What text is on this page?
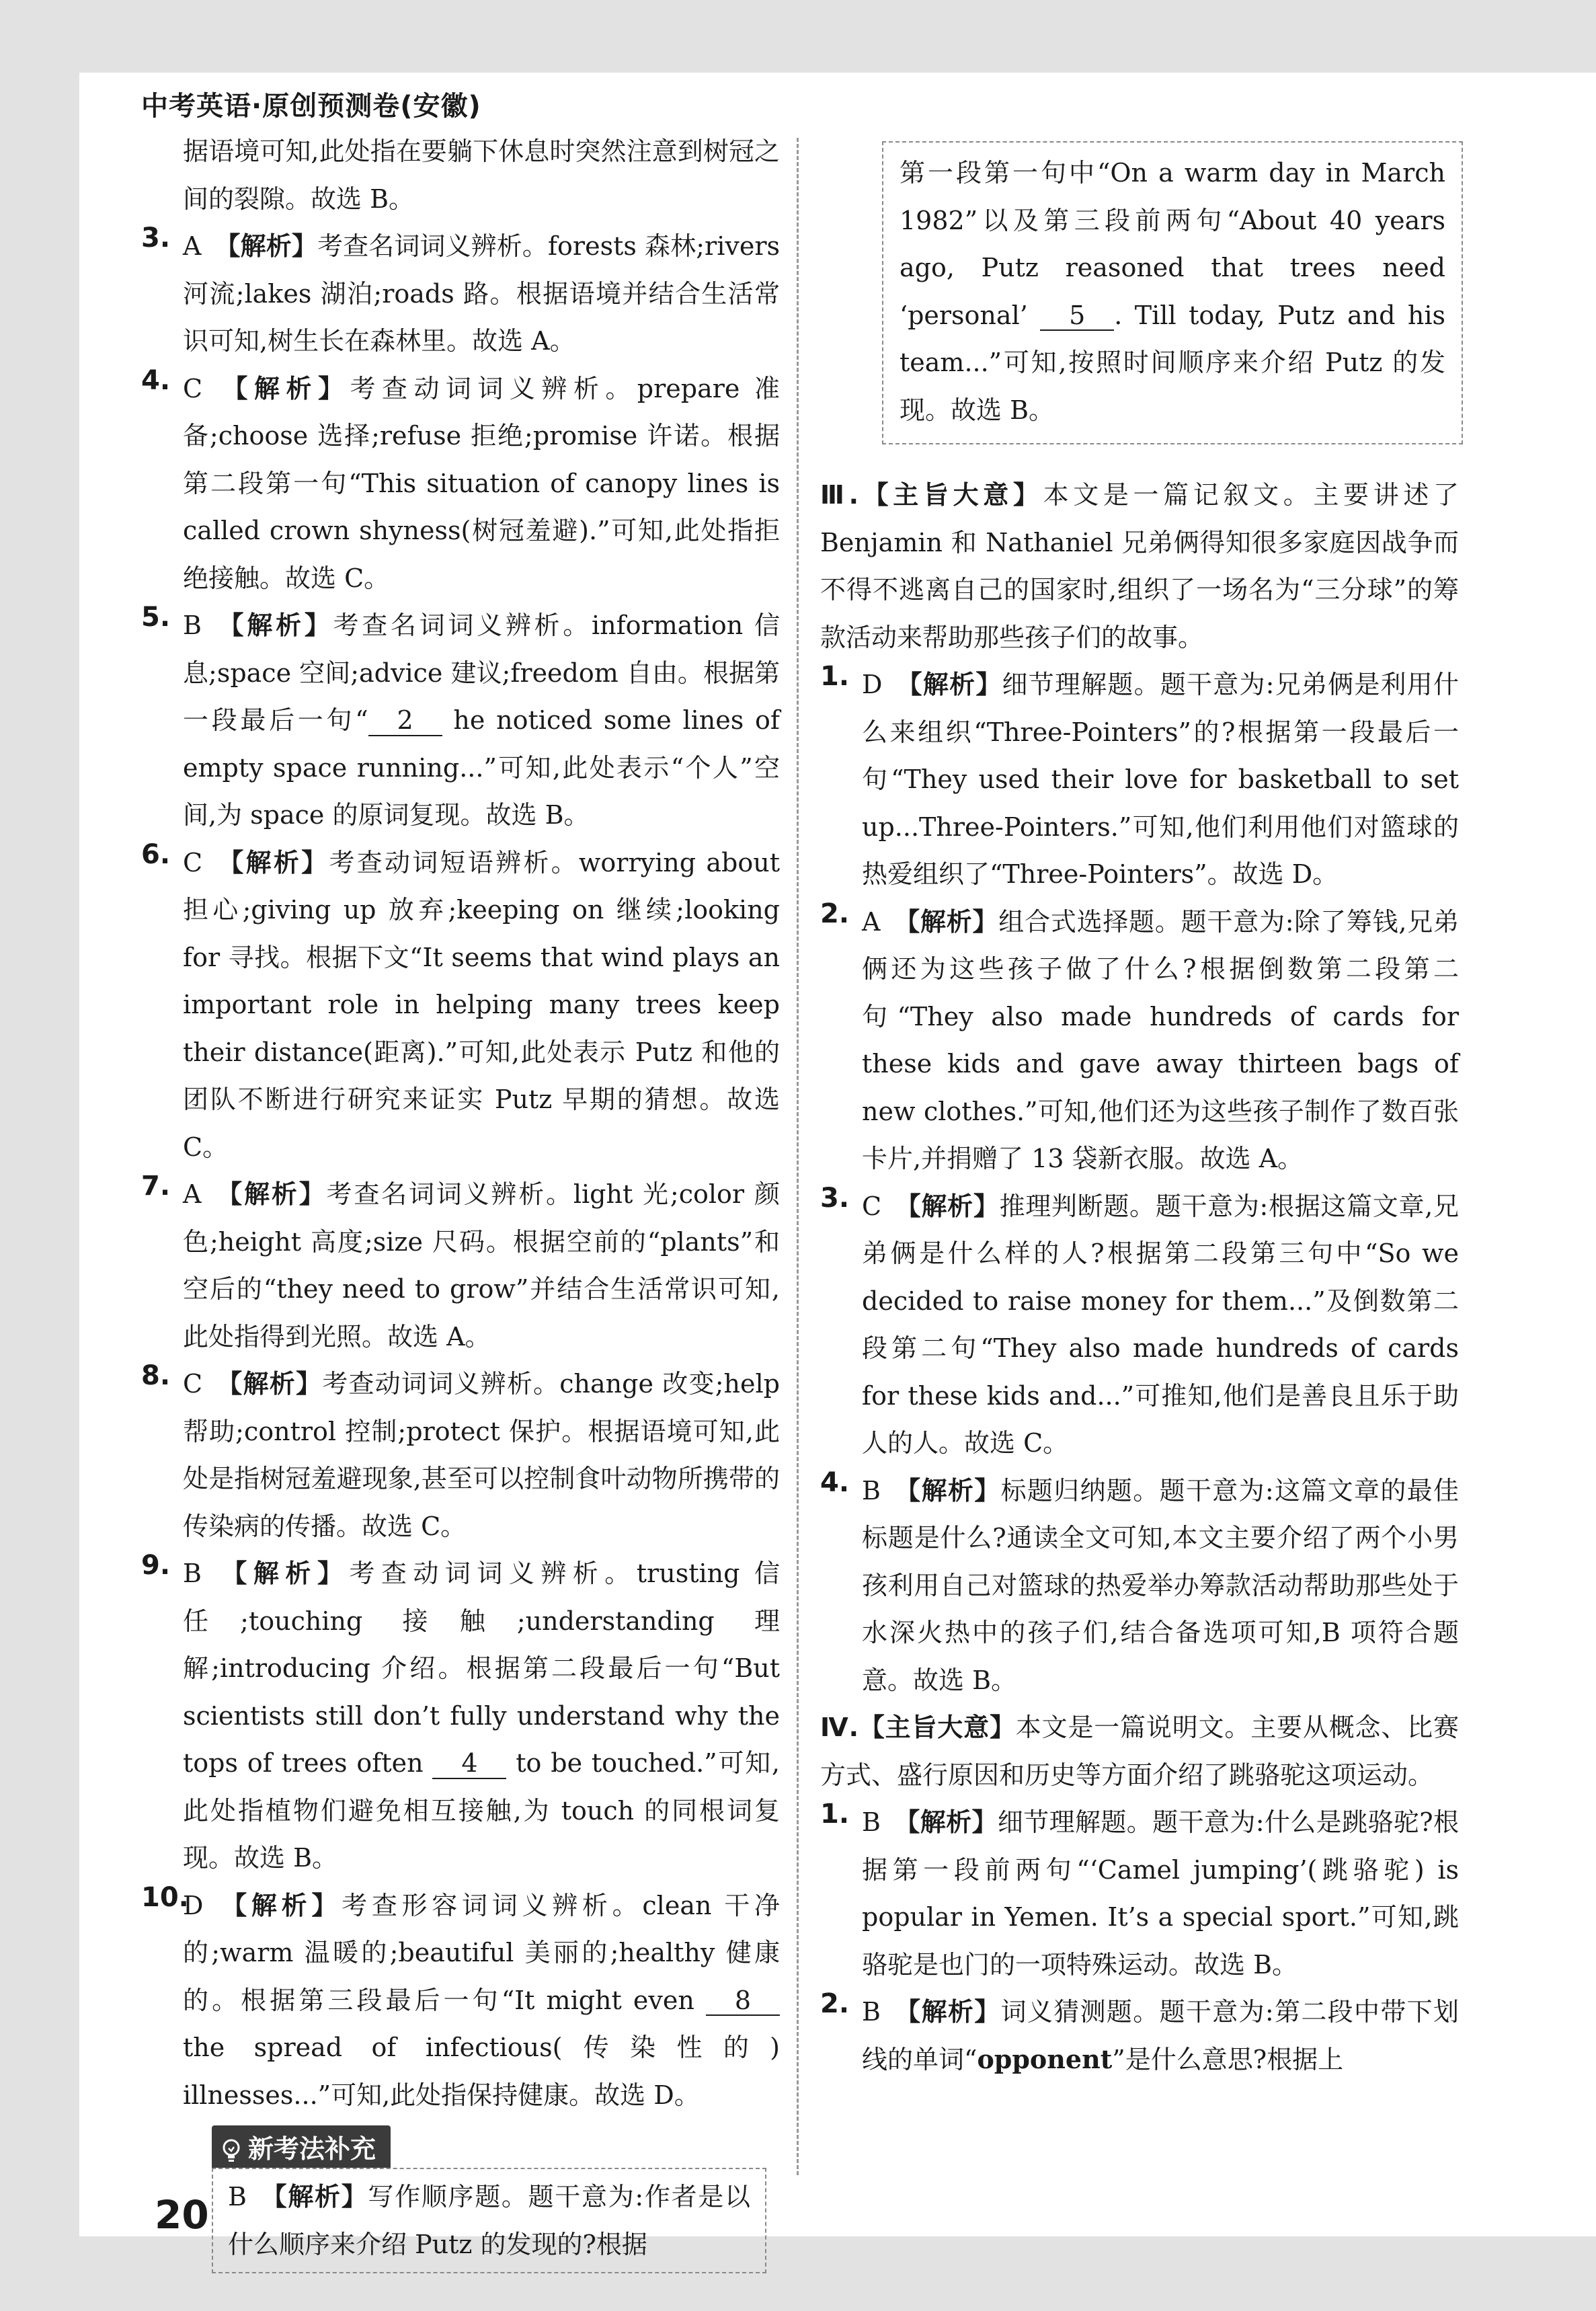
中考英语·原创预测卷(安徽)

据语境可知,此处指在要躺下休息时突然注意到树冠之间的裂隙。故选 B。

3. A 【解析】考查名词词义辨析。forests 森林;rivers 河流;lakes 湖泊;roads 路。根据语境并结合生活常识可知,树生长在森林里。故选 A。

4. C 【解析】考查动词词义辨析。prepare 准备;choose 选择;refuse 拒绝;promise 许诺。根据第二段第一句“This situation of canopy lines is called crown shyness(树冠羞避).”可知,此处指拒绝接触。故选 C。

5. B 【解析】考查名词词义辨析。information 信息;space 空间;advice 建议;freedom 自由。根据第一段最后一句“ 2 he noticed some lines of empty space running...”可知,此处表示“个人”空间,为 space 的原词复现。故选 B。

6. C 【解析】考查动词短语辨析。worrying about 担心;giving up 放弃;keeping on 继续;looking for 寻找。根据下文“It seems that wind plays an important role in helping many trees keep their distance(距离).”可知,此处表示 Putz 和他的团队不断进行研究来证实 Putz 早期的猜想。故选 C。

7. A 【解析】考查名词词义辨析。light 光;color 颜色;height 高度;size 尺码。根据空前的“plants”和空后的“they need to grow”并结合生活常识可知,此处指得到光照。故选 A。

8. C 【解析】考查动词词义辨析。change 改变;help 帮助;control 控制;protect 保护。根据语境可知,此处是指树冠羞避现象,甚至可以控制食叶动物所携带的传染病的传播。故选 C。

9. B 【解析】考查动词词义辨析。trusting 信任;touching 接触;understanding 理解;introducing 介绍。根据第二段最后一句“But scientists still don’t fully understand why the tops of trees often 4 to be touched.”可知,此处指植物们避免相互接触,为 touch 的同根词复现。故选 B。

10.

D 【解析】考查形容词词义辨析。clean 干净的;warm 温暖的;beautiful 美丽的;healthy 健康的。根据第三段最后一句“It might even 8 the spread of infectious(传染性的) illnesses...”可知,此处指保持健康。故选 D。

新考法补充

B 【解析】写作顺序题。题干意为:作者是以什么顺序来介绍 Putz 的发现的?根据

第一段第一句中“On a warm day in March 1982”以及第三段前两句“About 40 years ago, Putz reasoned that trees need ‘personal’ 5 . Till today, Putz and his team...”可知,按照时间顺序来介绍 Putz 的发现。故选 B。

Ⅲ.【主旨大意】本文是一篇记叙文。主要讲述了 Benjamin 和 Nathaniel 兄弟俩得知很多家庭因战争而不得不逃离自己的国家时,组织了一场名为“三分球”的筹款活动来帮助那些孩子们的故事。

1. D 【解析】细节理解题。题干意为:兄弟俩是利用什么来组织“Three-Pointers”的?根据第一段最后一句“They used their love for basketball to set up...Three-Pointers.”可知,他们利用他们对篮球的热爱组织了“Three-Pointers”。故选 D。

2. A 【解析】组合式选择题。题干意为:除了筹钱,兄弟俩还为这些孩子做了什么?根据倒数第二段第二句“They also made hundreds of cards for these kids and gave away thirteen bags of new clothes.”可知,他们还为这些孩子制作了数百张卡片,并捐赠了 13 袋新衣服。故选 A。

3. C 【解析】推理判断题。题干意为:根据这篇文章,兄弟俩是什么样的人?根据第二段第三句中“So we decided to raise money for them...”及倒数第二段第二句“They also made hundreds of cards for these kids and...”可推知,他们是善良且乐于助人的人。故选 C。

4. B 【解析】标题归纳题。题干意为:这篇文章的最佳标题是什么?通读全文可知,本文主要介绍了两个小男孩利用自己对篮球的热爱举办筹款活动帮助那些处于水深火热中的孩子们,结合备选项可知,B 项符合题意。故选 B。

Ⅳ.【主旨大意】本文是一篇说明文。主要从概念、比赛方式、盛行原因和历史等方面介绍了跳骆驼这项运动。

1. B 【解析】细节理解题。题干意为:什么是跳骆驼?根据第一段前两句“‘Camel jumping’(跳骆驼) is popular in Yemen. It’s a special sport.”可知,跳骆驼是也门的一项特殊运动。故选 B。

2. B 【解析】词义猜测题。题干意为:第二段中带下划线的单词“opponent”是什么意思?根据上

20
